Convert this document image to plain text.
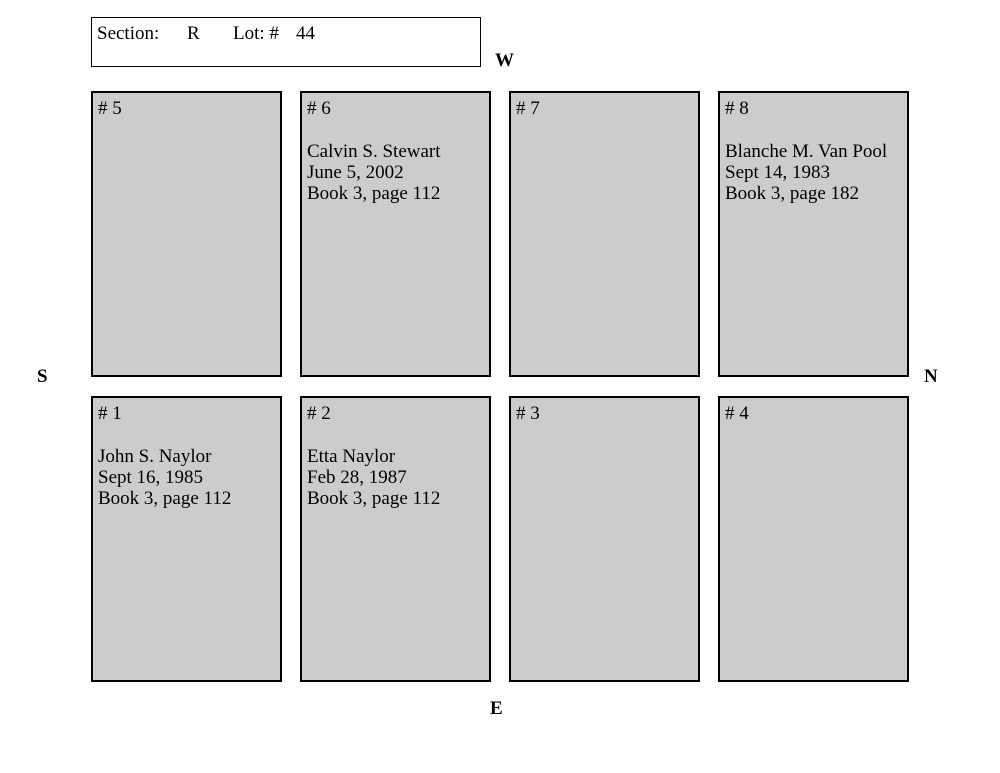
Section: R Lot: # 44
W
S	N
E
# 5	# 6
Calvin S. Stewart
June 5, 2002
Book 3, page 112
# 7	# 8
Blanche M. Van Pool
Sept 14, 1983
Book 3, page 182
# 1
John S. Naylor
Sept 16, 1985
Book 3, page 112
# 2
Etta Naylor
Feb 28, 1987
Book 3, page 112
# 3	# 4
